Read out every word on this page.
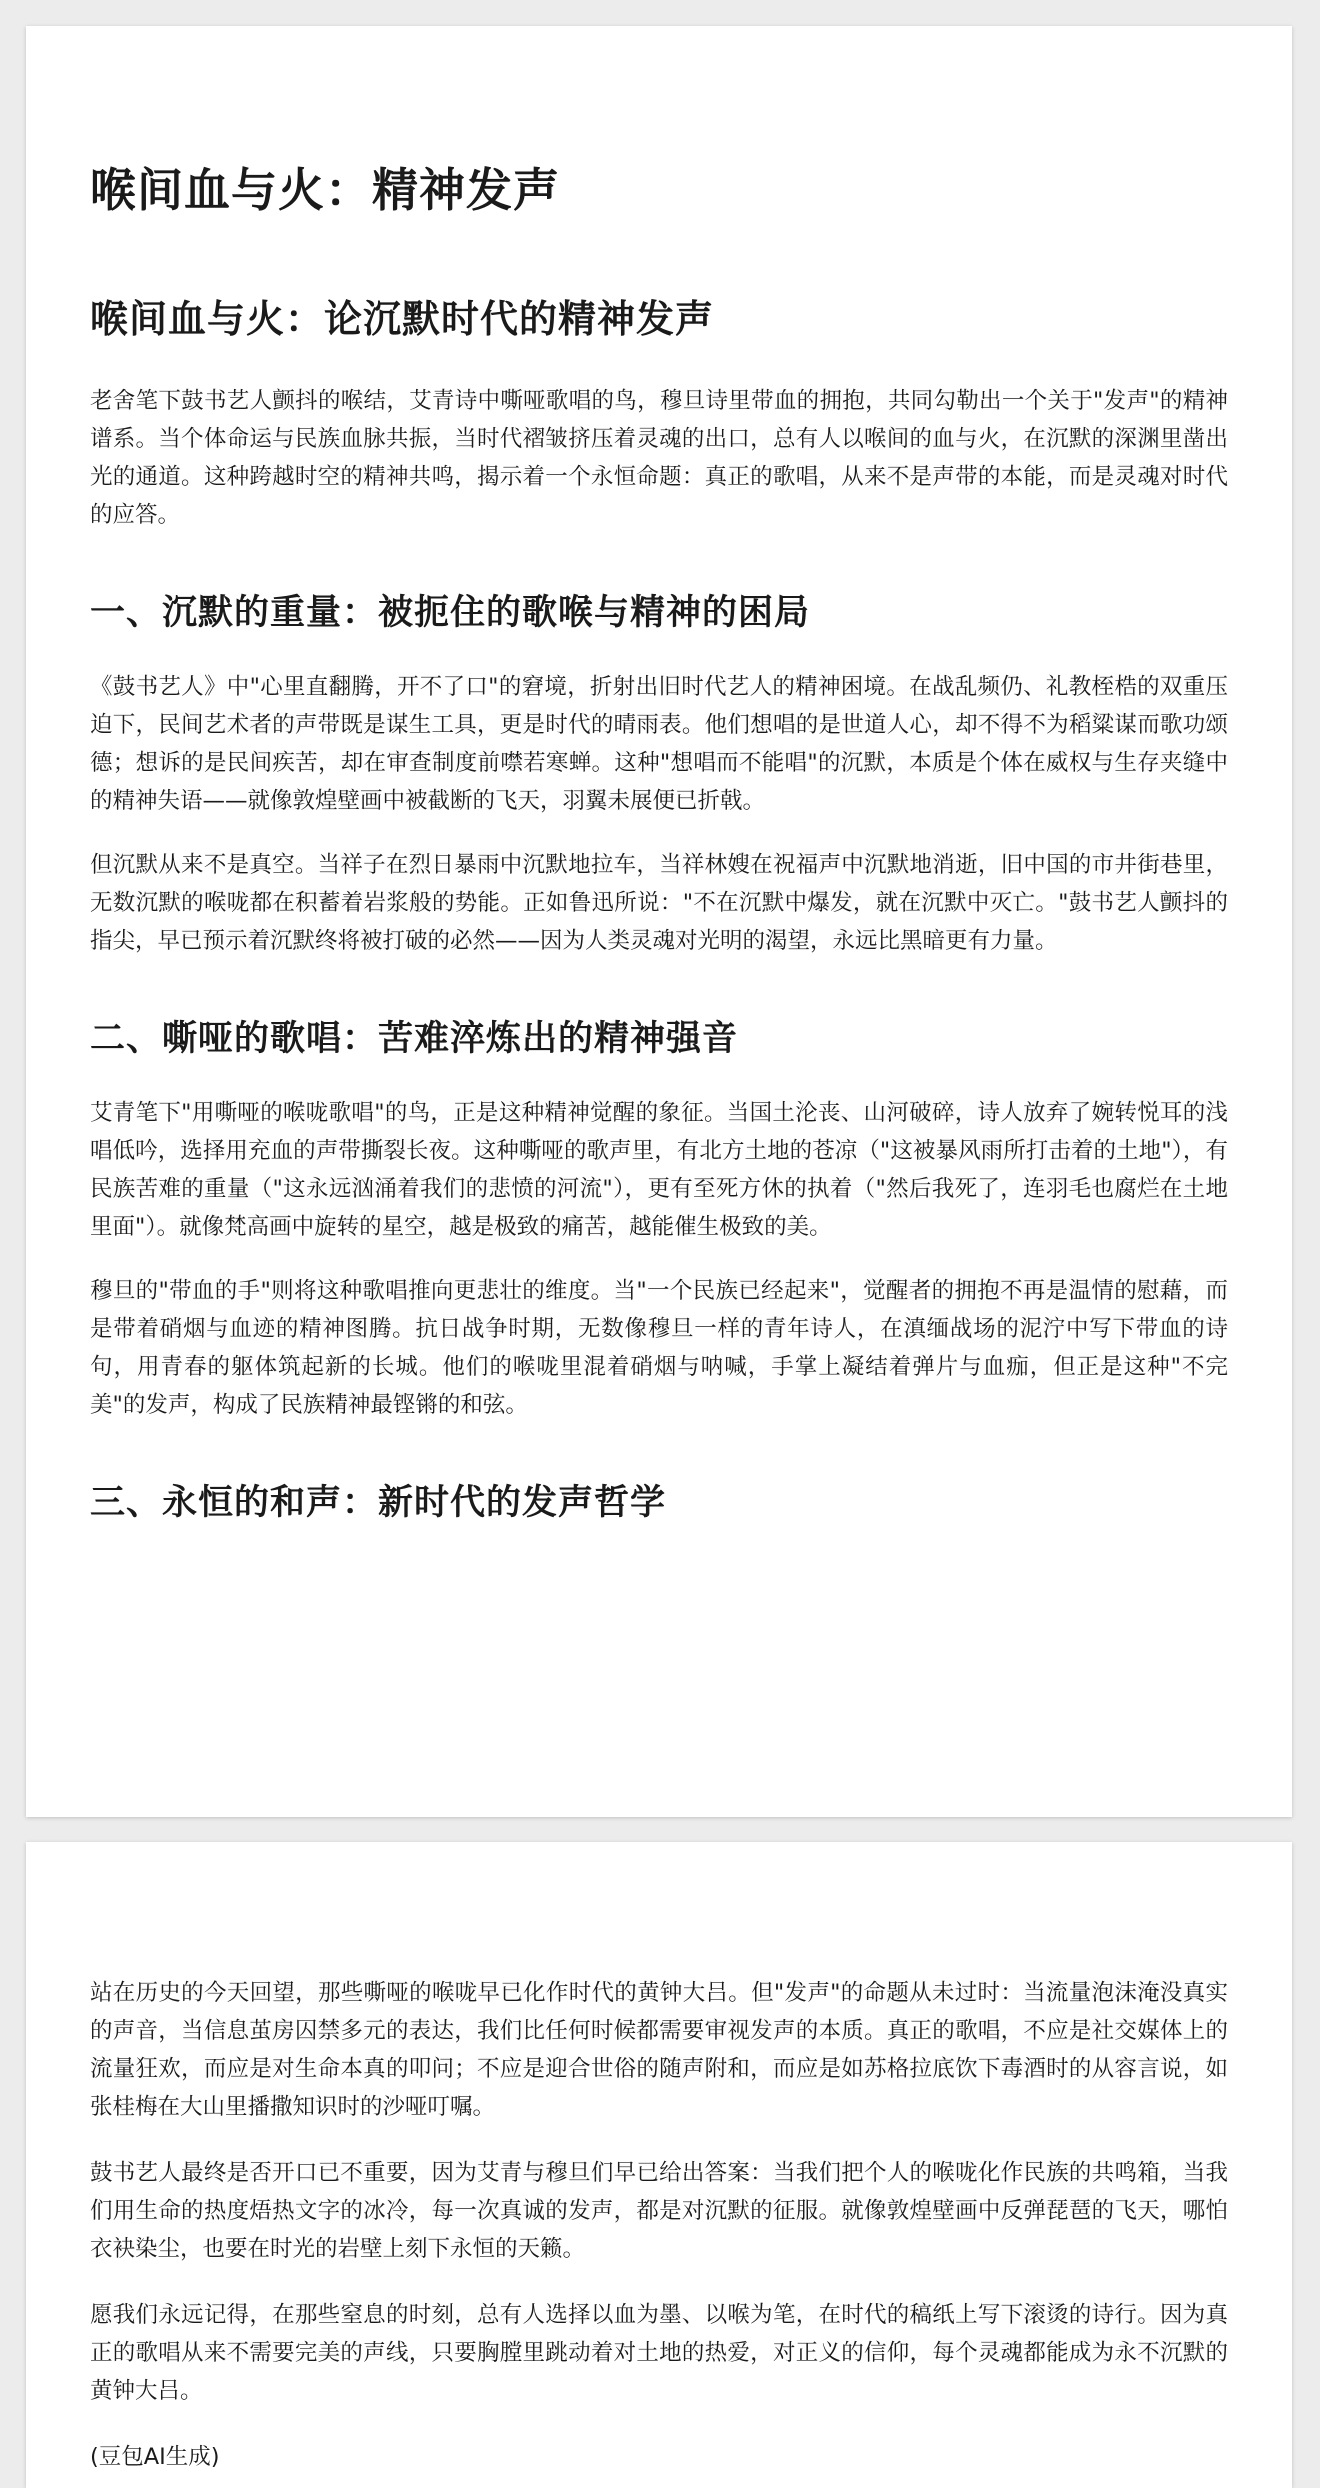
喉间血与火：精神发声
喉间血与火：论沉默时代的精神发声

老舍笔下鼓书艺人颤抖的喉结，艾青诗中嘶哑歌唱的鸟，穆旦诗里带血的拥抱，共同勾勒出一个关于"发声"的精神谱系。当个体命运与民族血脉共振，当时代褶皱挤压着灵魂的出口，总有人以喉间的血与火，在沉默的深渊里凿出光的通道。这种跨越时空的精神共鸣，揭示着一个永恒命题：真正的歌唱，从来不是声带的本能，而是灵魂对时代的应答。

一、沉默的重量：被扼住的歌喉与精神的困局

《鼓书艺人》中"心里直翻腾，开不了口"的窘境，折射出旧时代艺人的精神困境。在战乱频仍、礼教桎梏的双重压迫下，民间艺术者的声带既是谋生工具，更是时代的晴雨表。他们想唱的是世道人心，却不得不为稻粱谋而歌功颂德；想诉的是民间疾苦，却在审查制度前噤若寒蝉。这种"想唱而不能唱"的沉默，本质是个体在威权与生存夹缝中的精神失语——就像敦煌壁画中被截断的飞天，羽翼未展便已折戟。

但沉默从来不是真空。当祥子在烈日暴雨中沉默地拉车，当祥林嫂在祝福声中沉默地消逝，旧中国的市井街巷里，无数沉默的喉咙都在积蓄着岩浆般的势能。正如鲁迅所说："不在沉默中爆发，就在沉默中灭亡。"鼓书艺人颤抖的指尖，早已预示着沉默终将被打破的必然——因为人类灵魂对光明的渴望，永远比黑暗更有力量。

二、嘶哑的歌唱：苦难淬炼出的精神强音

艾青笔下"用嘶哑的喉咙歌唱"的鸟，正是这种精神觉醒的象征。当国土沦丧、山河破碎，诗人放弃了婉转悦耳的浅唱低吟，选择用充血的声带撕裂长夜。这种嘶哑的歌声里，有北方土地的苍凉（"这被暴风雨所打击着的土地"），有民族苦难的重量（"这永远汹涌着我们的悲愤的河流"），更有至死方休的执着（"然后我死了，连羽毛也腐烂在土地里面"）。就像梵高画中旋转的星空，越是极致的痛苦，越能催生极致的美。

穆旦的"带血的手"则将这种歌唱推向更悲壮的维度。当"一个民族已经起来"，觉醒者的拥抱不再是温情的慰藉，而是带着硝烟与血迹的精神图腾。抗日战争时期，无数像穆旦一样的青年诗人，在滇缅战场的泥泞中写下带血的诗句，用青春的躯体筑起新的长城。他们的喉咙里混着硝烟与呐喊，手掌上凝结着弹片与血痂，但正是这种"不完美"的发声，构成了民族精神最铿锵的和弦。

三、永恒的和声：新时代的发声哲学

站在历史的今天回望，那些嘶哑的喉咙早已化作时代的黄钟大吕。但"发声"的命题从未过时：当流量泡沫淹没真实的声音，当信息茧房囚禁多元的表达，我们比任何时候都需要审视发声的本质。真正的歌唱，不应是社交媒体上的流量狂欢，而应是对生命本真的叩问；不应是迎合世俗的随声附和，而应是如苏格拉底饮下毒酒时的从容言说，如张桂梅在大山里播撒知识时的沙哑叮嘱。

鼓书艺人最终是否开口已不重要，因为艾青与穆旦们早已给出答案：当我们把个人的喉咙化作民族的共鸣箱，当我们用生命的热度焐热文字的冰冷，每一次真诚的发声，都是对沉默的征服。就像敦煌壁画中反弹琵琶的飞天，哪怕衣袂染尘，也要在时光的岩壁上刻下永恒的天籁。

愿我们永远记得，在那些窒息的时刻，总有人选择以血为墨、以喉为笔，在时代的稿纸上写下滚烫的诗行。因为真正的歌唱从来不需要完美的声线，只要胸膛里跳动着对土地的热爱，对正义的信仰，每个灵魂都能成为永不沉默的黄钟大吕。

(豆包AI生成)
